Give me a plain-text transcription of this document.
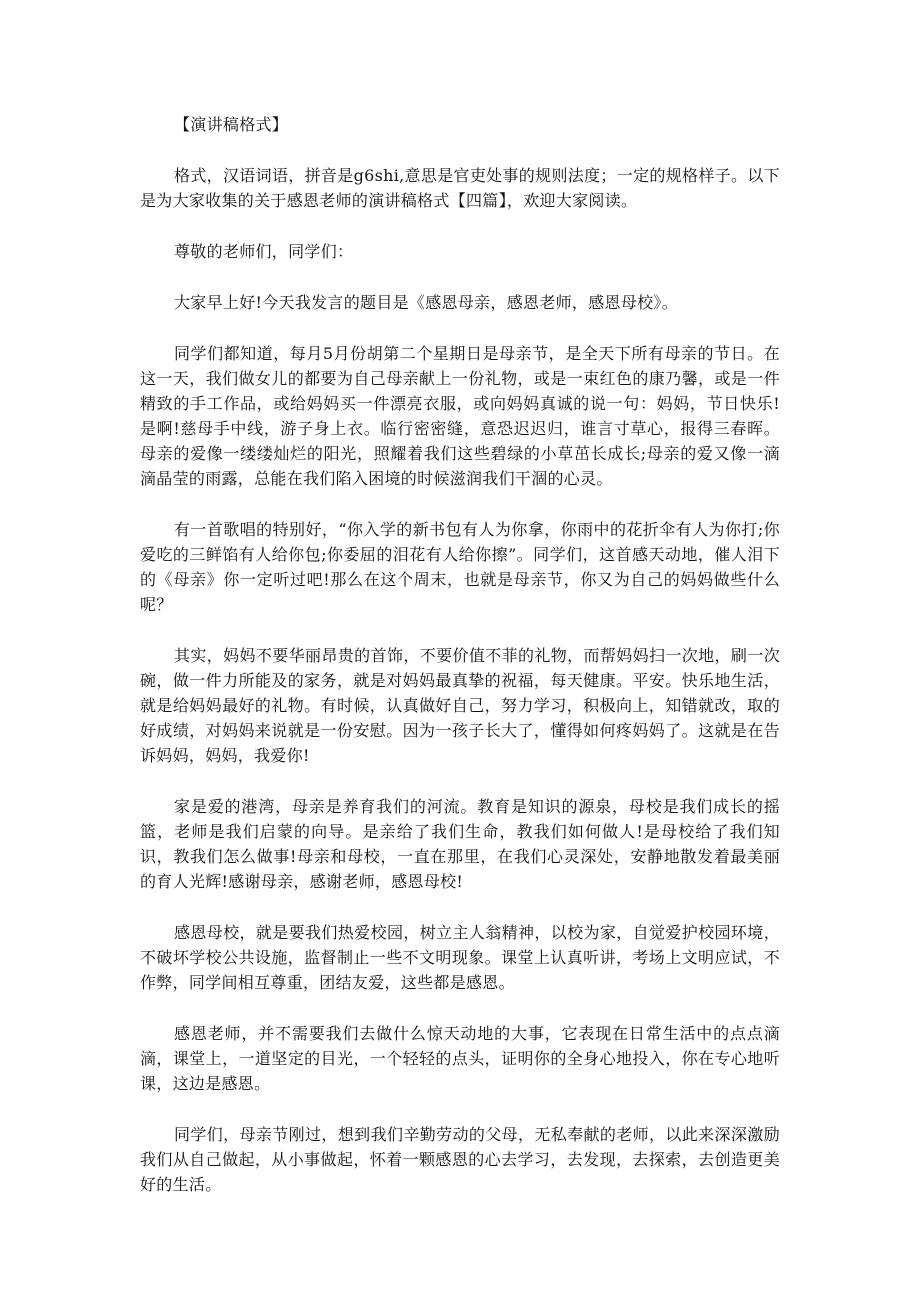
【演讲稿格式】

格式，汉语词语，拼音是g6shi,意思是官吏处事的规则法度；一定的规格样子。以下是为大家收集的关于感恩老师的演讲稿格式【四篇】，欢迎大家阅读。

尊敬的老师们，同学们：

大家早上好!今天我发言的题目是《感恩母亲，感恩老师，感恩母校》。

同学们都知道，每月5月份胡第二个星期日是母亲节，是全天下所有母亲的节日。在这一天，我们做女儿的都要为自己母亲献上一份礼物，或是一束红色的康乃馨，或是一件精致的手工作品，或给妈妈买一件漂亮衣服，或向妈妈真诚的说一句：妈妈，节日快乐!是啊!慈母手中线，游子身上衣。临行密密缝，意恐迟迟归，谁言寸草心，报得三春晖。母亲的爱像一缕缕灿烂的阳光，照耀着我们这些碧绿的小草茁长成长;母亲的爱又像一滴滴晶莹的雨露，总能在我们陷入困境的时候滋润我们干涸的心灵。

有一首歌唱的特别好，“你入学的新书包有人为你拿，你雨中的花折伞有人为你打;你爱吃的三鲜馅有人给你包;你委屈的泪花有人给你擦”。同学们，这首感天动地，催人泪下的《母亲》你一定听过吧!那么在这个周末，也就是母亲节，你又为自己的妈妈做些什么呢？

其实，妈妈不要华丽昂贵的首饰，不要价值不菲的礼物，而帮妈妈扫一次地，刷一次碗，做一件力所能及的家务，就是对妈妈最真挚的祝福，每天健康。平安。快乐地生活，就是给妈妈最好的礼物。有时候，认真做好自己，努力学习，积极向上，知错就改，取的好成绩，对妈妈来说就是一份安慰。因为一孩子长大了，懂得如何疼妈妈了。这就是在告诉妈妈，妈妈，我爱你!

家是爱的港湾，母亲是养育我们的河流。教育是知识的源泉，母校是我们成长的摇篮，老师是我们启蒙的向导。是亲给了我们生命，教我们如何做人!是母校给了我们知识，教我们怎么做事!母亲和母校，一直在那里，在我们心灵深处，安静地散发着最美丽的育人光辉!感谢母亲，感谢老师，感恩母校!

感恩母校，就是要我们热爱校园，树立主人翁精神，以校为家，自觉爱护校园环境，不破坏学校公共设施，监督制止一些不文明现象。课堂上认真听讲，考场上文明应试，不作弊，同学间相互尊重，团结友爱，这些都是感恩。

感恩老师，并不需要我们去做什么惊天动地的大事，它表现在日常生活中的点点滴滴，课堂上，一道坚定的目光，一个轻轻的点头，证明你的全身心地投入，你在专心地听课，这边是感恩。

同学们，母亲节刚过，想到我们辛勤劳动的父母，无私奉献的老师，以此来深深激励我们从自己做起，从小事做起，怀着一颗感恩的心去学习，去发现，去探索，去创造更美好的生活。
